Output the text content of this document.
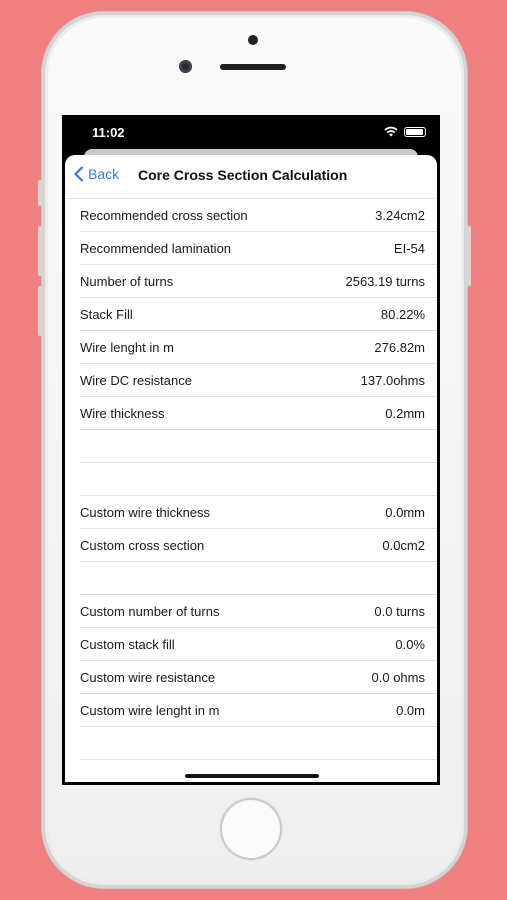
11:02
Back Core Cross Section Calculation
Recommended cross section	3.24cm2
Recommended lamination	EI-54
Number of turns	2563.19 turns
Stack Fill	80.22%
Wire lenght in m	276.82m
Wire DC resistance	137.0ohms
Wire thickness	0.2mm
Custom wire thickness	0.0mm
Custom cross section	0.0cm2
Custom number of turns	0.0 turns
Custom stack fill	0.0%
Custom wire resistance	0.0 ohms
Custom wire lenght in m	0.0m
